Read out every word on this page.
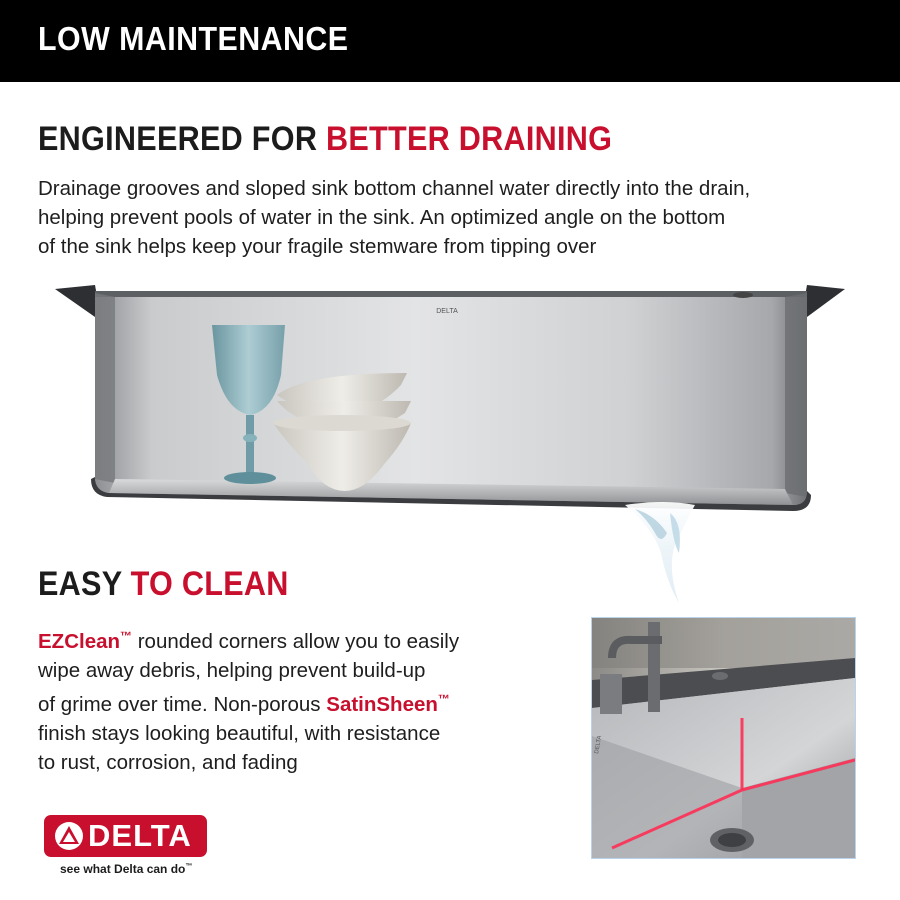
LOW MAINTENANCE
ENGINEERED FOR BETTER DRAINING
Drainage grooves and sloped sink bottom channel water directly into the drain,
helping prevent pools of water in the sink. An optimized angle on the bottom
of the sink helps keep your fragile stemware from tipping over
DELTA
EASY TO CLEAN
EZClean™ rounded corners allow you to easily
wipe away debris, helping prevent build-up
of grime over time. Non-porous SatinSheen™
finish stays looking beautiful, with resistance
to rust, corrosion, and fading
DELTA
DELTA
see what Delta can do™
